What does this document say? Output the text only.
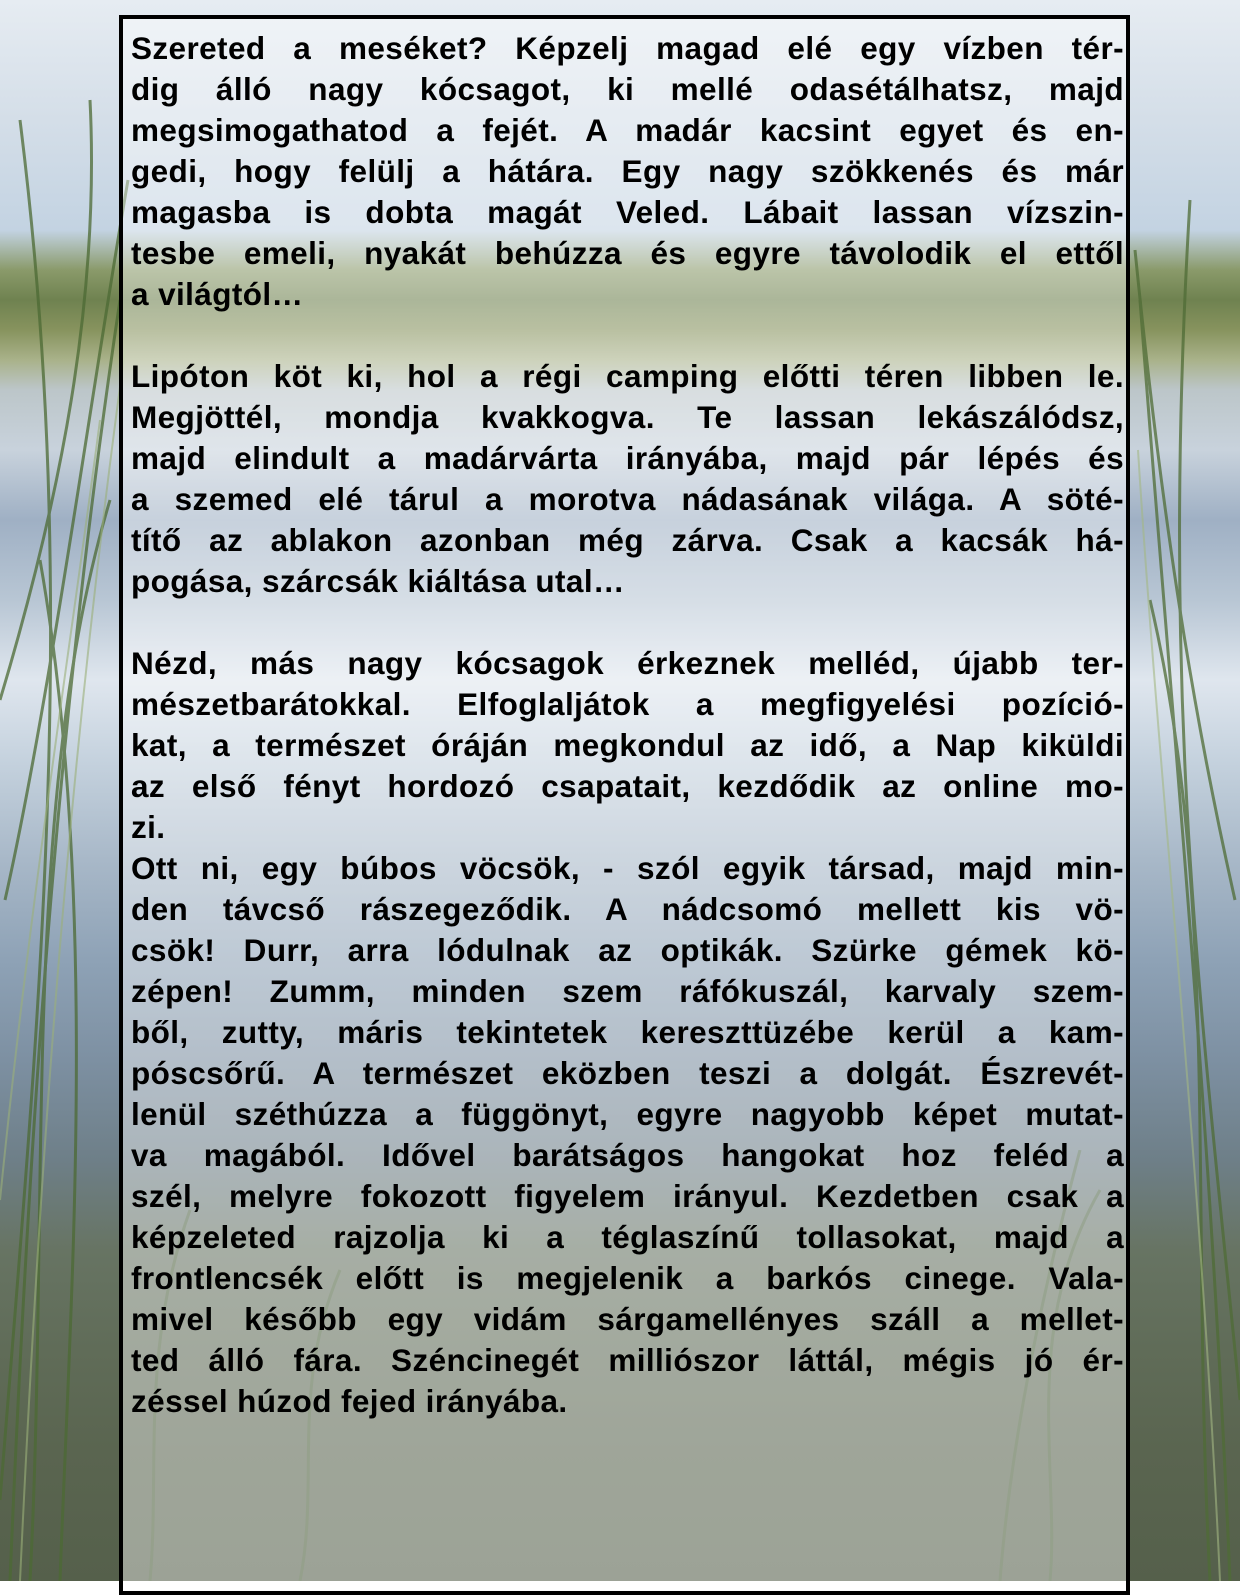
Szereted a meséket? Képzelj magad elé egy vízben tér-
dig álló nagy kócsagot, ki mellé odasétálhatsz, majd
megsimogathatod a fejét. A madár kacsint egyet és en-
gedi, hogy felülj a hátára. Egy nagy szökkenés és már
magasba is dobta magát Veled. Lábait lassan vízszin-
tesbe emeli, nyakát behúzza és egyre távolodik el ettől
a világtól…

Lipóton köt ki, hol a régi camping előtti téren libben le.
Megjöttél, mondja kvakkogva. Te lassan lekászálódsz,
majd elindult a madárvárta irányába, majd pár lépés és
a szemed elé tárul a morotva nádasának világa. A söté-
títő az ablakon azonban még zárva. Csak a kacsák há-
pogása, szárcsák kiáltása utal…

Nézd, más nagy kócsagok érkeznek melléd, újabb ter-
mészetbarátokkal. Elfoglaljátok a megfigyelési pozíció-
kat, a természet óráján megkondul az idő, a Nap kiküldi
az első fényt hordozó csapatait, kezdődik az online mo-
zi.

Ott ni, egy búbos vöcsök, - szól egyik társad, majd min-
den távcső rászegeződik. A nádcsomó mellett kis vö-
csök! Durr, arra lódulnak az optikák. Szürke gémek kö-
zépen! Zumm, minden szem ráfókuszál, karvaly szem-
ből, zutty, máris tekintetek kereszttüzébe kerül a kam-
póscsőrű. A természet eközben teszi a dolgát. Észrevét-
lenül széthúzza a függönyt, egyre nagyobb képet mutat-
va magából. Idővel barátságos hangokat hoz feléd a
szél, melyre fokozott figyelem irányul. Kezdetben csak a
képzeleted rajzolja ki a téglaszínű tollasokat, majd a
frontlencsék előtt is megjelenik a barkós cinege. Vala-
mivel később egy vidám sárgamellényes száll a mellet-
ted álló fára. Széncinegét milliószor láttál, mégis jó ér-
zéssel húzod fejed irányába.
